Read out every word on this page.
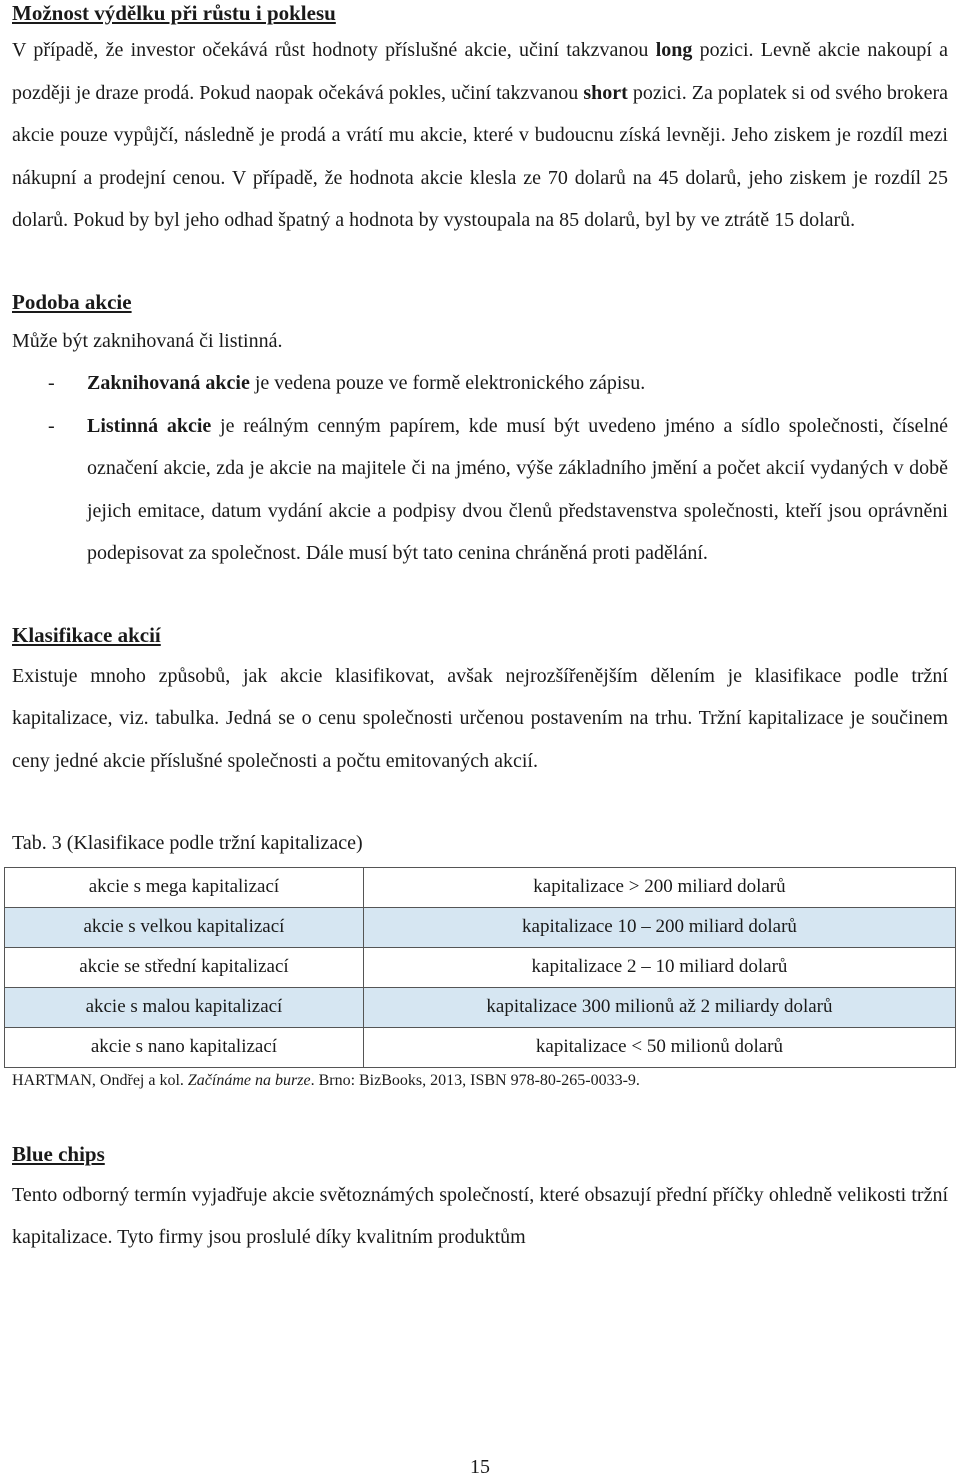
Možnost výdělku při růstu i poklesu

V případě, že investor očekává růst hodnoty příslušné akcie, učiní takzvanou long pozici. Levně akcie nakoupí a později je draze prodá. Pokud naopak očekává pokles, učiní takzvanou short pozici. Za poplatek si od svého brokera akcie pouze vypůjčí, následně je prodá a vrátí mu akcie, které v budoucnu získá levněji. Jeho ziskem je rozdíl mezi nákupní a prodejní cenou. V případě, že hodnota akcie klesla ze 70 dolarů na 45 dolarů, jeho ziskem je rozdíl 25 dolarů. Pokud by byl jeho odhad špatný a hodnota by vystoupala na 85 dolarů, byl by ve ztrátě 15 dolarů.

Podoba akcie

Může být zaknihovaná či listinná.

- Zaknihovaná akcie je vedena pouze ve formě elektronického zápisu.
- Listinná akcie je reálným cenným papírem, kde musí být uvedeno jméno a sídlo společnosti, číselné označení akcie, zda je akcie na majitele či na jméno, výše základního jmění a počet akcií vydaných v době jejich emitace, datum vydání akcie a podpisy dvou členů představenstva společnosti, kteří jsou oprávněni podepisovat za společnost. Dále musí být tato cenina chráněná proti padělání.
Klasifikace akcií

Existuje mnoho způsobů, jak akcie klasifikovat, avšak nejrozšířenějším dělením je klasifikace podle tržní kapitalizace, viz. tabulka. Jedná se o cenu společnosti určenou postavením na trhu. Tržní kapitalizace je součinem ceny jedné akcie příslušné společnosti a počtu emitovaných akcií.

Tab. 3 (Klasifikace podle tržní kapitalizace)

akcie s mega kapitalizací	kapitalizace > 200 miliard dolarů
akcie s velkou kapitalizací	kapitalizace 10 – 200 miliard dolarů
akcie se střední kapitalizací	kapitalizace 2 – 10 miliard dolarů
akcie s malou kapitalizací	kapitalizace 300 milionů až 2 miliardy dolarů
akcie s nano kapitalizací	kapitalizace < 50 milionů dolarů

HARTMAN, Ondřej a kol. Začínáme na burze. Brno: BizBooks, 2013, ISBN 978-80-265-0033-9.

Blue chips

Tento odborný termín vyjadřuje akcie světoznámých společností, které obsazují přední příčky ohledně velikosti tržní kapitalizace. Tyto firmy jsou proslulé díky kvalitním produktům

15
